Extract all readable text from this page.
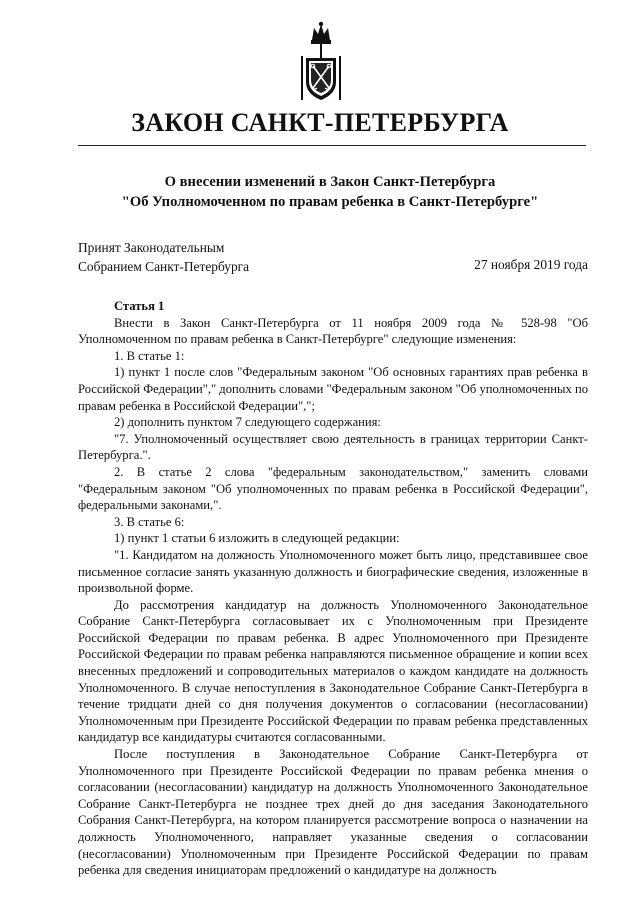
ЗАКОН САНКТ-ПЕТЕРБУРГА
О внесении изменений в Закон Санкт-Петербурга
"Об Уполномоченном по правам ребенка в Санкт-Петербурге"
Принят Законодательным
Собранием Санкт-Петербурга	27 ноября 2019 года

Статья 1

Внести в Закон Санкт-Петербурга от 11 ноября 2009 года № 528-98 "Об Уполномоченном по правам ребенка в Санкт-Петербурге" следующие изменения:

1. В статье 1:

1) пункт 1 после слов "Федеральным законом "Об основных гарантиях прав ребенка в Российской Федерации"," дополнить словами "Федеральным законом "Об уполномоченных по правам ребенка в Российской Федерации",";

2) дополнить пунктом 7 следующего содержания:

"7. Уполномоченный осуществляет свою деятельность в границах территории Санкт-Петербурга.".

2. В статье 2 слова "федеральным законодательством," заменить словами "Федеральным законом "Об уполномоченных по правам ребенка в Российской Федерации", федеральными законами,".

3. В статье 6:

1) пункт 1 статьи 6 изложить в следующей редакции:

"1. Кандидатом на должность Уполномоченного может быть лицо, представившее свое письменное согласие занять указанную должность и биографические сведения, изложенные в произвольной форме.

До рассмотрения кандидатур на должность Уполномоченного Законодательное Собрание Санкт-Петербурга согласовывает их с Уполномоченным при Президенте Российской Федерации по правам ребенка. В адрес Уполномоченного при Президенте Российской Федерации по правам ребенка направляются письменное обращение и копии всех внесенных предложений и сопроводительных материалов о каждом кандидате на должность Уполномоченного. В случае непоступления в Законодательное Собрание Санкт-Петербурга в течение тридцати дней со дня получения документов о согласовании (несогласовании) Уполномоченным при Президенте Российской Федерации по правам ребенка представленных кандидатур все кандидатуры считаются согласованными.

После поступления в Законодательное Собрание Санкт-Петербурга от Уполномоченного при Президенте Российской Федерации по правам ребенка мнения о согласовании (несогласовании) кандидатур на должность Уполномоченного Законодательное Собрание Санкт-Петербурга не позднее трех дней до дня заседания Законодательного Собрания Санкт-Петербурга, на котором планируется рассмотрение вопроса о назначении на должность Уполномоченного, направляет указанные сведения о согласовании (несогласовании) Уполномоченным при Президенте Российской Федерации по правам ребенка для сведения инициаторам предложений о кандидатуре на должность
